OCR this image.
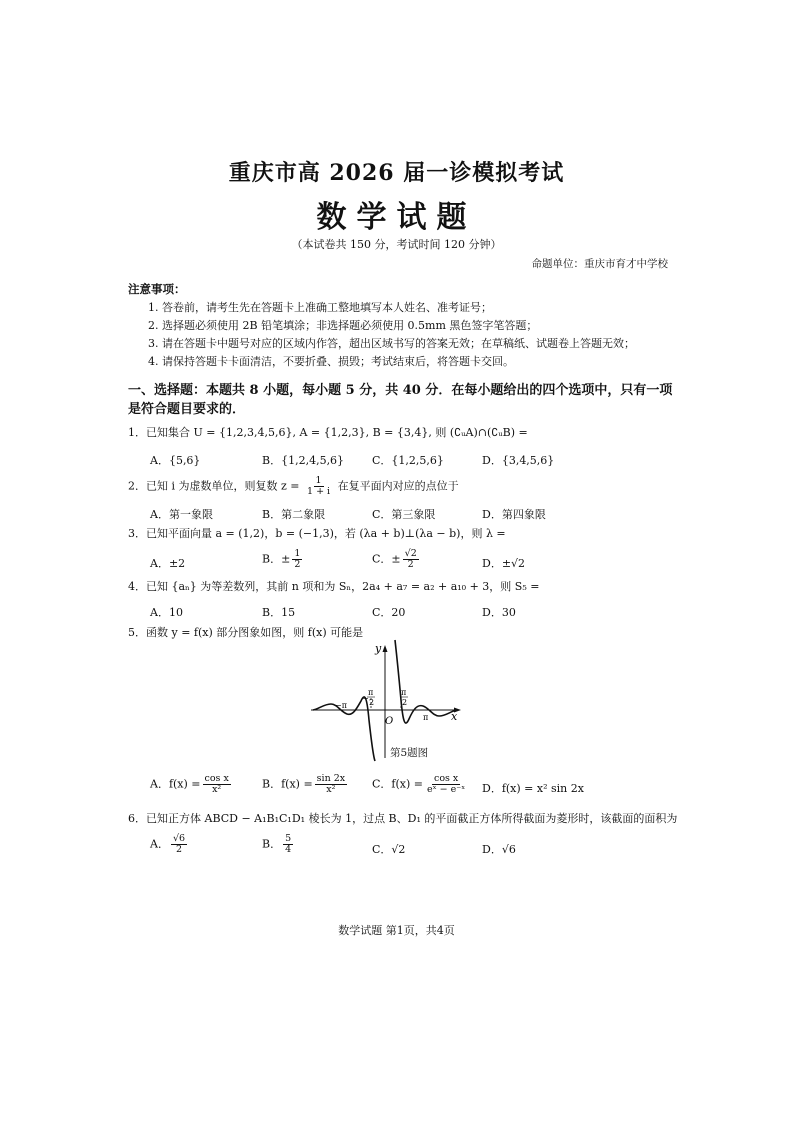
重庆市高 2026 届一诊模拟考试
数学试题
（本试卷共 150 分，考试时间 120 分钟）
命题单位：重庆市育才中学校
注意事项：
1. 答卷前，请考生先在答题卡上准确工整地填写本人姓名、准考证号；
2. 选择题必须使用 2B 铅笔填涂；非选择题必须使用 0.5mm 黑色签字笔答题；
3. 请在答题卡中题号对应的区域内作答，超出区域书写的答案无效；在草稿纸、试题卷上答题无效；
4. 请保持答题卡卡面清洁，不要折叠、损毁；考试结束后，将答题卡交回。
一、选择题：本题共 8 小题，每小题 5 分，共 40 分．在每小题给出的四个选项中，只有一项是符合题目要求的．
1．已知集合 U = {1,2,3,4,5,6}, A = {1,2,3}, B = {3,4}, 则 (∁ᵤA)∩(∁ᵤB) =
A．{5,6}	B．{1,2,4,5,6}	C．{1,2,5,6}	D．{3,4,5,6}
2．已知 i 为虚数单位，则复数 $z = \frac{1}{1 + i}$ 在复平面内对应的点位于
A．第一象限	B．第二象限	C．第三象限	D．第四象限
3．已知平面向量 a = (1,2)，b = (−1,3)，若 (λa + b)⊥(λa − b)，则 λ =
A．±2	B．± $\frac{1}{2}$	C．± $\frac{√2}{2}$	D．±√2
4．已知 {aₙ} 为等差数列，其前 n 项和为 Sₙ，2a₄ + a₇ = a₂ + a₁₀ + 3，则 S₅ =
A．10	B．15	C．20	D．30
5．函数 y = f(x) 部分图象如图，则 f(x) 可能是
y
x
O
−π
π
−
π
2
π
2
第5题图
A．$f(x) = \frac{\text{cos x}}{\text{x²}}$	B．$f(x) = \frac{\sin 2x}{\text{x²}}$ C．$f(x) = \frac{\text{cos x}}{\text{eˣ − e⁻ˣ}}$ D．f(x) = x² sin 2x
6．已知正方体 ABCD − A₁B₁C₁D₁ 棱长为 1，过点 B、D₁ 的平面截正方体所得截面为菱形时，该截面的面积为
A． $\frac{√6}{2}$	B． $\frac{5}{4}$	C．√2	D．√6
数学试题 第1页，共4页
